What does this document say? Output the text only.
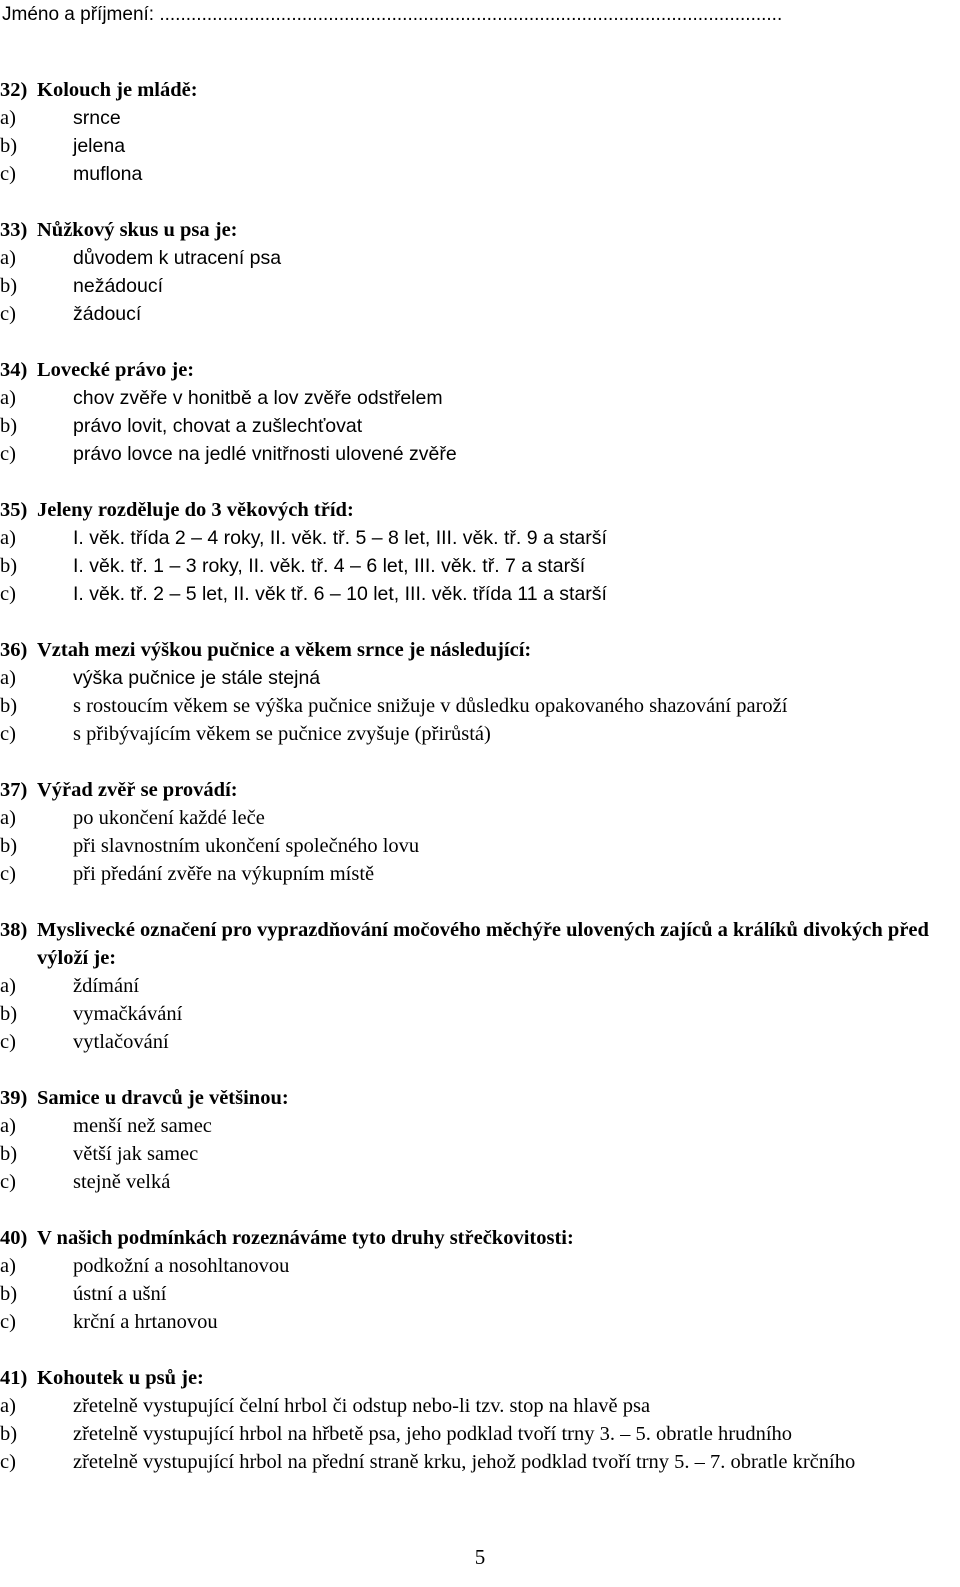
Jméno a příjmení: ......................................................................................................................
32) Kolouch je mládě:
a)	srnce
b)	jelena
c)	muflona
33) Nůžkový skus u psa je:
a)	důvodem k utracení psa
b)	nežádoucí
c)	žádoucí
34) Lovecké právo je:
a)	chov zvěře v honitbě a lov zvěře odstřelem
b)	právo lovit, chovat a zušlechťovat
c)	právo lovce na jedlé vnitřnosti ulovené zvěře
35) Jeleny rozděluje do 3 věkových tříd:
a)	I. věk. třída 2 – 4 roky, II. věk. tř. 5 – 8 let, III. věk. tř. 9 a starší
b)	I. věk. tř. 1 – 3 roky, II. věk. tř. 4 – 6 let, III. věk. tř. 7 a starší
c)	I. věk. tř. 2 – 5 let, II. věk tř. 6 – 10 let, III. věk. třída 11 a starší
36) Vztah mezi výškou pučnice a věkem srnce je následující:
a)	výška pučnice je stále stejná
b)	s rostoucím věkem se výška pučnice snižuje v důsledku opakovaného shazování paroží
c)	s přibývajícím věkem se pučnice zvyšuje (přirůstá)
37) Výřad zvěř se provádí:
a)	po ukončení každé leče
b)	při slavnostním ukončení společného lovu
c)	při předání zvěře na výkupním místě
38) Myslivecké označení pro vyprazdňování močového měchýře ulovených zajíců a králíků divokých před výloží je:
a)	ždímání
b)	vymačkávání
c)	vytlačování
39) Samice u dravců je většinou:
a)	menší než samec
b)	větší jak samec
c)	stejně velká
40) V našich podmínkách rozeznáváme tyto druhy střečkovitosti:
a)	podkožní a nosohltanovou
b)	ústní a ušní
c)	krční a hrtanovou
41) Kohoutek u psů je:
a)	zřetelně vystupující čelní hrbol či odstup nebo-li tzv. stop na hlavě psa
b)	zřetelně vystupující hrbol na hřbetě psa, jeho podklad tvoří trny 3. – 5. obratle hrudního
c)	zřetelně vystupující hrbol na přední straně krku, jehož podklad tvoří trny 5. – 7. obratle krčního
5
